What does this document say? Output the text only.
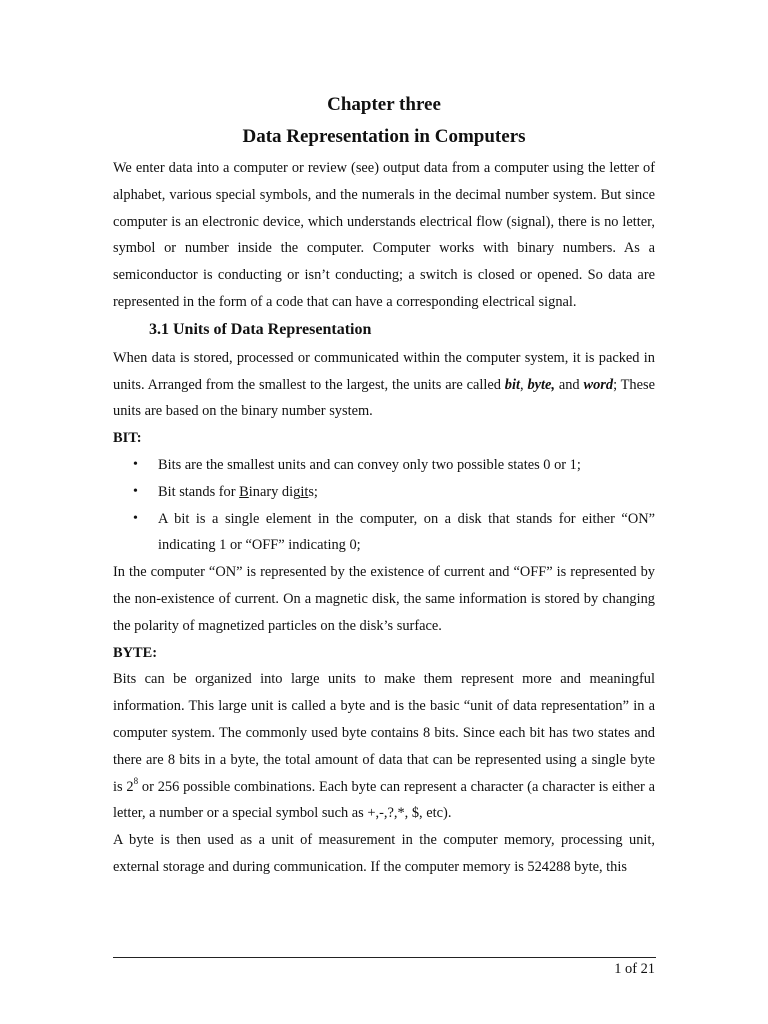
Chapter three
Data Representation in Computers

We enter data into a computer or review (see) output data from a computer using the letter of alphabet, various special symbols, and the numerals in the decimal number system. But since computer is an electronic device, which understands electrical flow (signal), there is no letter, symbol or number inside the computer. Computer works with binary numbers. As a semiconductor is conducting or isn’t conducting; a switch is closed or opened. So data are represented in the form of a code that can have a corresponding electrical signal.

3.1 Units of Data Representation

When data is stored, processed or communicated within the computer system, it is packed in units. Arranged from the smallest to the largest, the units are called bit, byte, and word; These units are based on the binary number system.

BIT:
• Bits are the smallest units and can convey only two possible states 0 or 1;
• Bit stands for Binary digits;
• A bit is a single element in the computer, on a disk that stands for either “ON” indicating 1 or “OFF” indicating 0;

In the computer “ON” is represented by the existence of current and “OFF” is represented by the non-existence of current. On a magnetic disk, the same information is stored by changing the polarity of magnetized particles on the disk’s surface.

BYTE:

Bits can be organized into large units to make them represent more and meaningful information. This large unit is called a byte and is the basic “unit of data representation” in a computer system. The commonly used byte contains 8 bits. Since each bit has two states and there are 8 bits in a byte, the total amount of data that can be represented using a single byte is $2^8$ or 256 possible combinations. Each byte can represent a character (a character is either a letter, a number or a special symbol such as +,-,?,*, $, etc).

A byte is then used as a unit of measurement in the computer memory, processing unit, external storage and during communication. If the computer memory is 524288 byte, this

1 of 21
